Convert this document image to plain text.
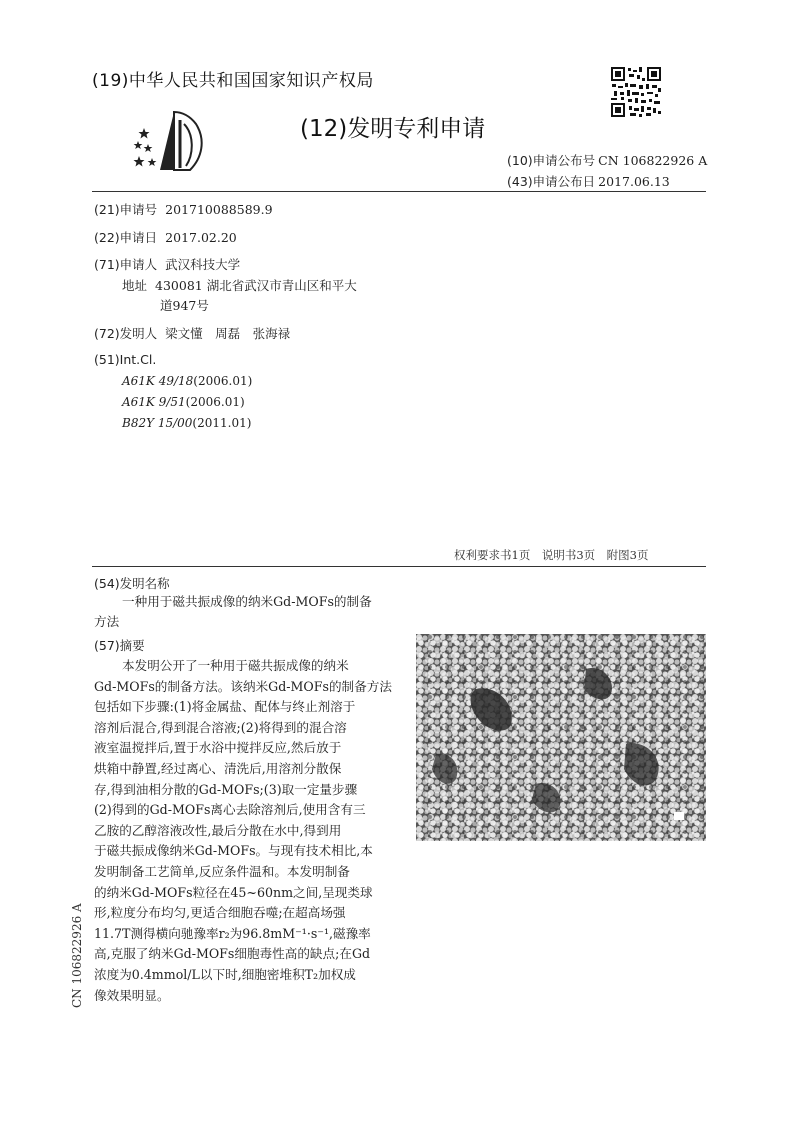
(19)中华人民共和国国家知识产权局
(12)发明专利申请
(10)申请公布号 CN 106822926 A
(43)申请公布日 2017.06.13
(21)申请号 201710088589.9
(22)申请日 2017.02.20
(71)申请人 武汉科技大学
地址 430081 湖北省武汉市青山区和平大
道947号
(72)发明人 梁文懂　周磊　张海禄
(51)Int.Cl.
A61K 49/18(2006.01)
A61K 9/51(2006.01)
B82Y 15/00(2011.01)
权利要求书1页　说明书3页　附图3页
(54)发明名称
一种用于磁共振成像的纳米Gd-MOFs的制备
方法
(57)摘要
本发明公开了一种用于磁共振成像的纳米
Gd-MOFs的制备方法。该纳米Gd-MOFs的制备方法
包括如下步骤:(1)将金属盐、配体与终止剂溶于
溶剂后混合,得到混合溶液;(2)将得到的混合溶
液室温搅拌后,置于水浴中搅拌反应,然后放于
烘箱中静置,经过离心、清洗后,用溶剂分散保
存,得到油相分散的Gd-MOFs;(3)取一定量步骤
(2)得到的Gd-MOFs离心去除溶剂后,使用含有三
乙胺的乙醇溶液改性,最后分散在水中,得到用
于磁共振成像纳米Gd-MOFs。与现有技术相比,本
发明制备工艺简单,反应条件温和。本发明制备
的纳米Gd-MOFs粒径在45~60nm之间,呈现类球
形,粒度分布均匀,更适合细胞吞噬;在超高场强
11.7T测得横向驰豫率r₂为96.8mM⁻¹·s⁻¹,磁豫率
高,克服了纳米Gd-MOFs细胞毒性高的缺点;在Gd
浓度为0.4mmol/L以下时,细胞密堆积T₂加权成
像效果明显。
CN 106822926 A
